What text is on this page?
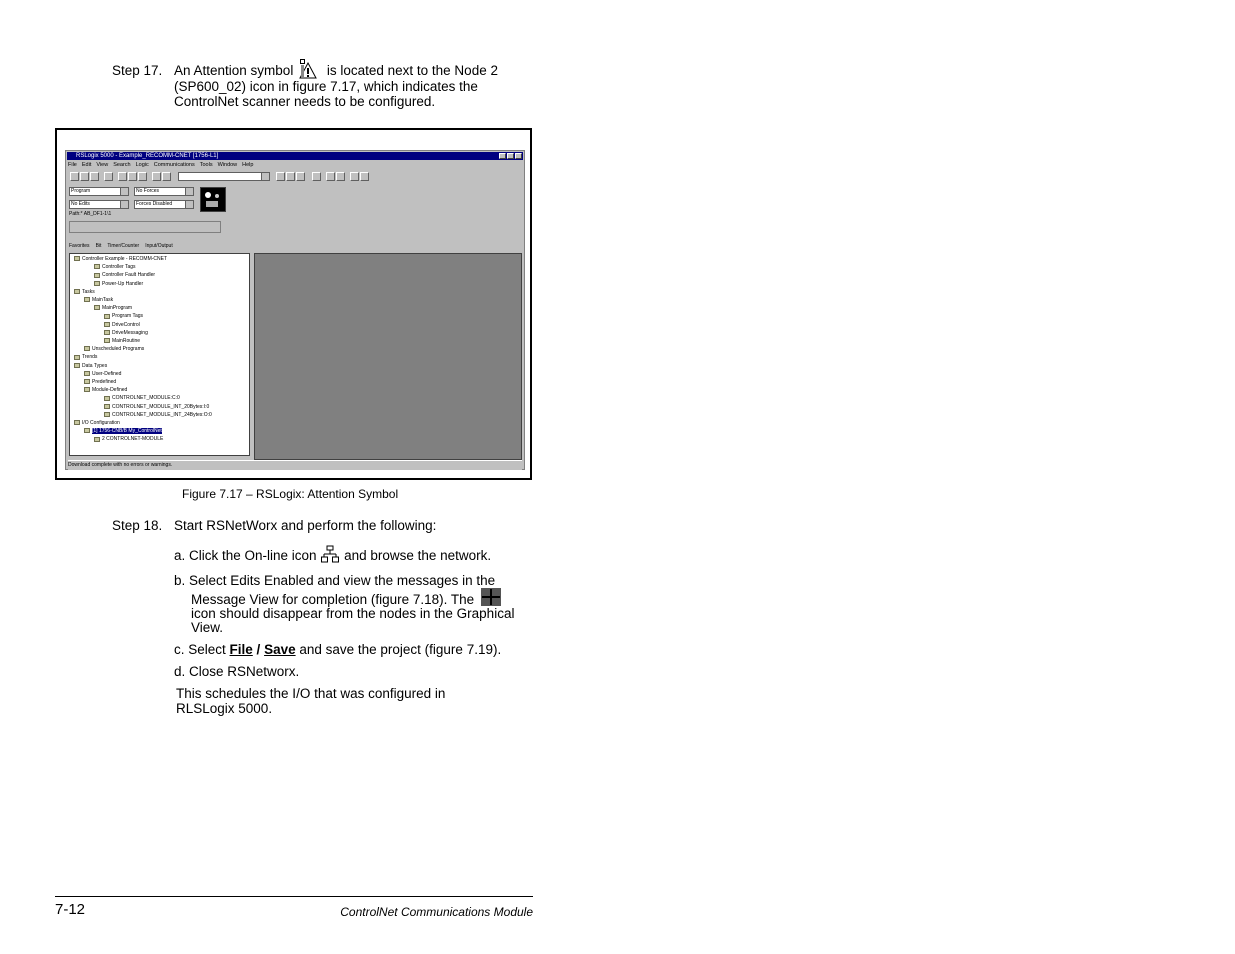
Step 17. An Attention symbol is located next to the Node 2
(SP600_02) icon in figure 7.17, which indicates the
ControlNet scanner needs to be configured.
RSLogix 5000 - Example_RECOMM-CNET [1756-L1]
File Edit View Search Logic Communications Tools Window Help
Program	No Forces
No Edits	Forces Disabled
Path:* AB_DF1-1\1
Favorites Bit Timer/Counter Input/Output
Controller Example - RECOMM-CNET
Controller Tags
Controller Fault Handler
Power-Up Handler
Tasks
MainTask
MainProgram
Program Tags
DriveControl
DriveMessaging
MainRoutine
Unscheduled Programs
Trends
Data Types
User-Defined
Predefined
Module-Defined
CONTROLNET_MODULE:C:0
CONTROLNET_MODULE_INT_20Bytes:I:0
CONTROLNET_MODULE_INT_24Bytes:O:0
I/O Configuration
[1] 1756-CNB/B My_ControlNet
2 CONTROLNET-MODULE
Download complete with no errors or warnings.
Figure 7.17 – RSLogix: Attention Symbol
Step 18. Start RSNetWorx and perform the following:
a. Click the On-line icon and browse the network.
b. Select Edits Enabled and view the messages in the
Message View for completion (figure 7.18). The
icon should disappear from the nodes in the Graphical
View.
c. Select File / Save and save the project (figure 7.19).
d. Close RSNetworx.
This schedules the I/O that was configured in
RLSLogix 5000.
7-12	ControlNet Communications Module
